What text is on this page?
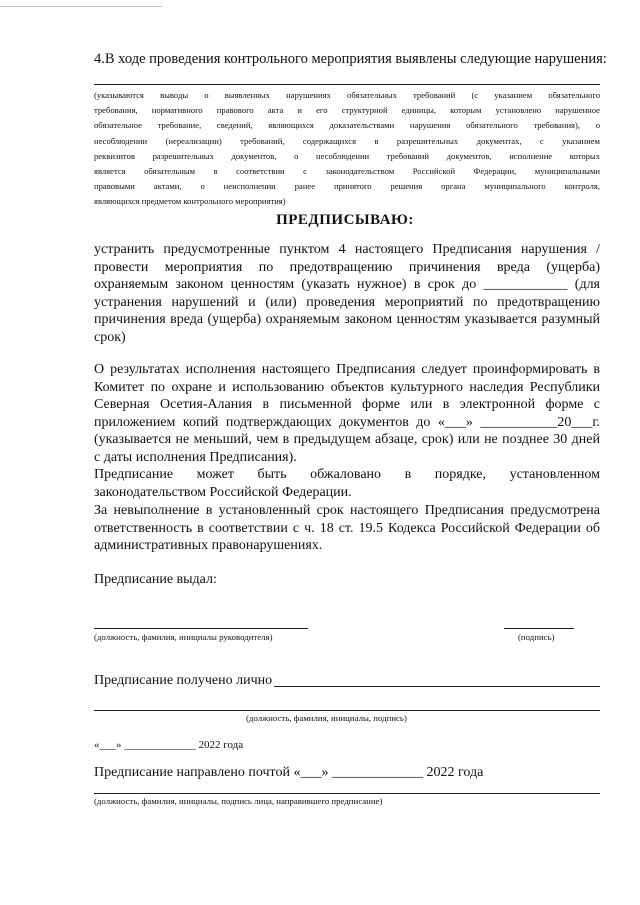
4.В ходе проведения контрольного мероприятия выявлены следующие нарушения:
(указываются выводы о выявленных нарушениях обязательных требований (с указанием обязательного
требования, нормативного правового акта и его структурной единицы, которым установлено нарушенное
обязательное требование, сведений, являющихся доказательствами нарушения обязательного требования), о
несоблюдении (нереализации) требований, содержащихся в разрешительных документах, с указанием
реквизитов разрешительных документов, о несоблюдении требований документов, исполнение которых
является обязательным в соответствии с законодательством Российской Федерации, муниципальными
правовыми актами, о неисполнении ранее принятого решения органа муниципального контроля,
являющихся предметом контрольного мероприятия)
ПРЕДПИСЫВАЮ:
устранить предусмотренные пунктом 4 настоящего Предписания нарушения /
провести мероприятия по предотвращению причинения вреда (ущерба)
охраняемым законом ценностям (указать нужное) в срок до ____________ (для
устранения нарушений и (или) проведения мероприятий по предотвращению
причинения вреда (ущерба) охраняемым законом ценностям указывается разумный
срок)
О результатах исполнения настоящего Предписания следует проинформировать в
Комитет по охране и использованию объектов культурного наследия Республики
Северная Осетия-Алания в письменной форме или в электронной форме с
приложением копий подтверждающих документов до «___» ___________20___г.
(указывается не меньший, чем в предыдущем абзаце, срок) или не позднее 30 дней
с даты исполнения Предписания).
Предписание может быть обжаловано в порядке, установленном
законодательством Российской Федерации.
За невыполнение в установленный срок настоящего Предписания предусмотрена
ответственность в соответствии с ч. 18 ст. 19.5 Кодекса Российской Федерации об
административных правонарушениях.
Предписание выдал:
(должность, фамилия, инициалы руководителя)	(подпись)
Предписание получено лично
(должность, фамилия, инициалы, подпись)
«___» _____________ 2022 года
Предписание направлено почтой «___» _____________ 2022 года
(должность, фамилия, инициалы, подпись лица, направившего предписание)
